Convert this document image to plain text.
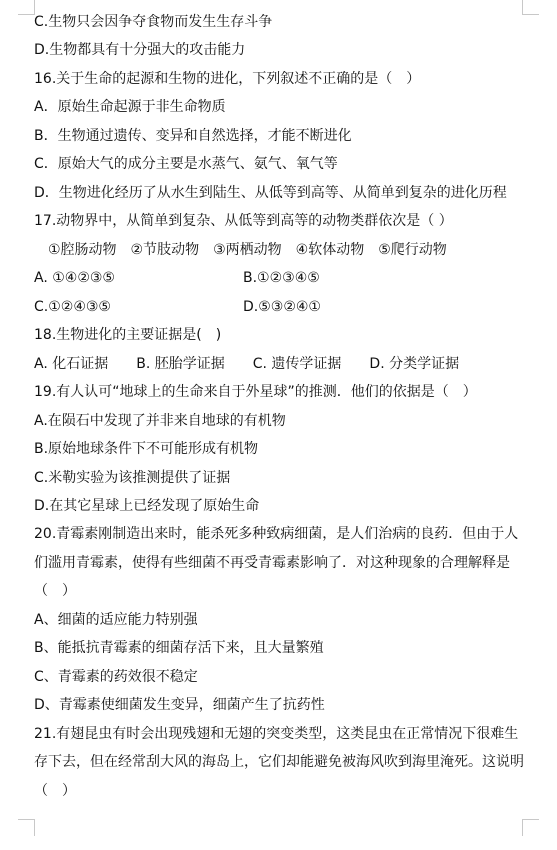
C.生物只会因争夺食物而发生生存斗争
D.生物都具有十分强大的攻击能力
16.关于生命的起源和生物的进化，下列叙述不正确的是（　）
A．原始生命起源于非生命物质
B．生物通过遗传、变异和自然选择，才能不断进化
C．原始大气的成分主要是水蒸气、氨气、氧气等
D．生物进化经历了从水生到陆生、从低等到高等、从简单到复杂的进化历程
17.动物界中，从简单到复杂、从低等到高等的动物类群依次是（ ）
①腔肠动物　②节肢动物　③两栖动物　④软体动物　⑤爬行动物
A. ①④②③⑤	B.①②③④⑤
C.①②④③⑤	D.⑤③②④①
18.生物进化的主要证据是(　)
A. 化石证据　　B. 胚胎学证据　　C. 遗传学证据　　D. 分类学证据
19.有人认可“地球上的生命来自于外星球”的推测．他们的依据是（　）
A.在陨石中发现了并非来自地球的有机物
B.原始地球条件下不可能形成有机物
C.米勒实验为该推测提供了证据
D.在其它星球上已经发现了原始生命
20.青霉素刚制造出来时，能杀死多种致病细菌，是人们治病的良药．但由于人
们滥用青霉素，使得有些细菌不再受青霉素影响了．对这种现象的合理解释是
（　）
A、细菌的适应能力特别强
B、能抵抗青霉素的细菌存活下来，且大量繁殖
C、青霉素的药效很不稳定
D、青霉素使细菌发生变异，细菌产生了抗药性
21.有翅昆虫有时会出现残翅和无翅的突变类型，这类昆虫在正常情况下很难生
存下去，但在经常刮大风的海岛上，它们却能避免被海风吹到海里淹死。这说明
（　）
